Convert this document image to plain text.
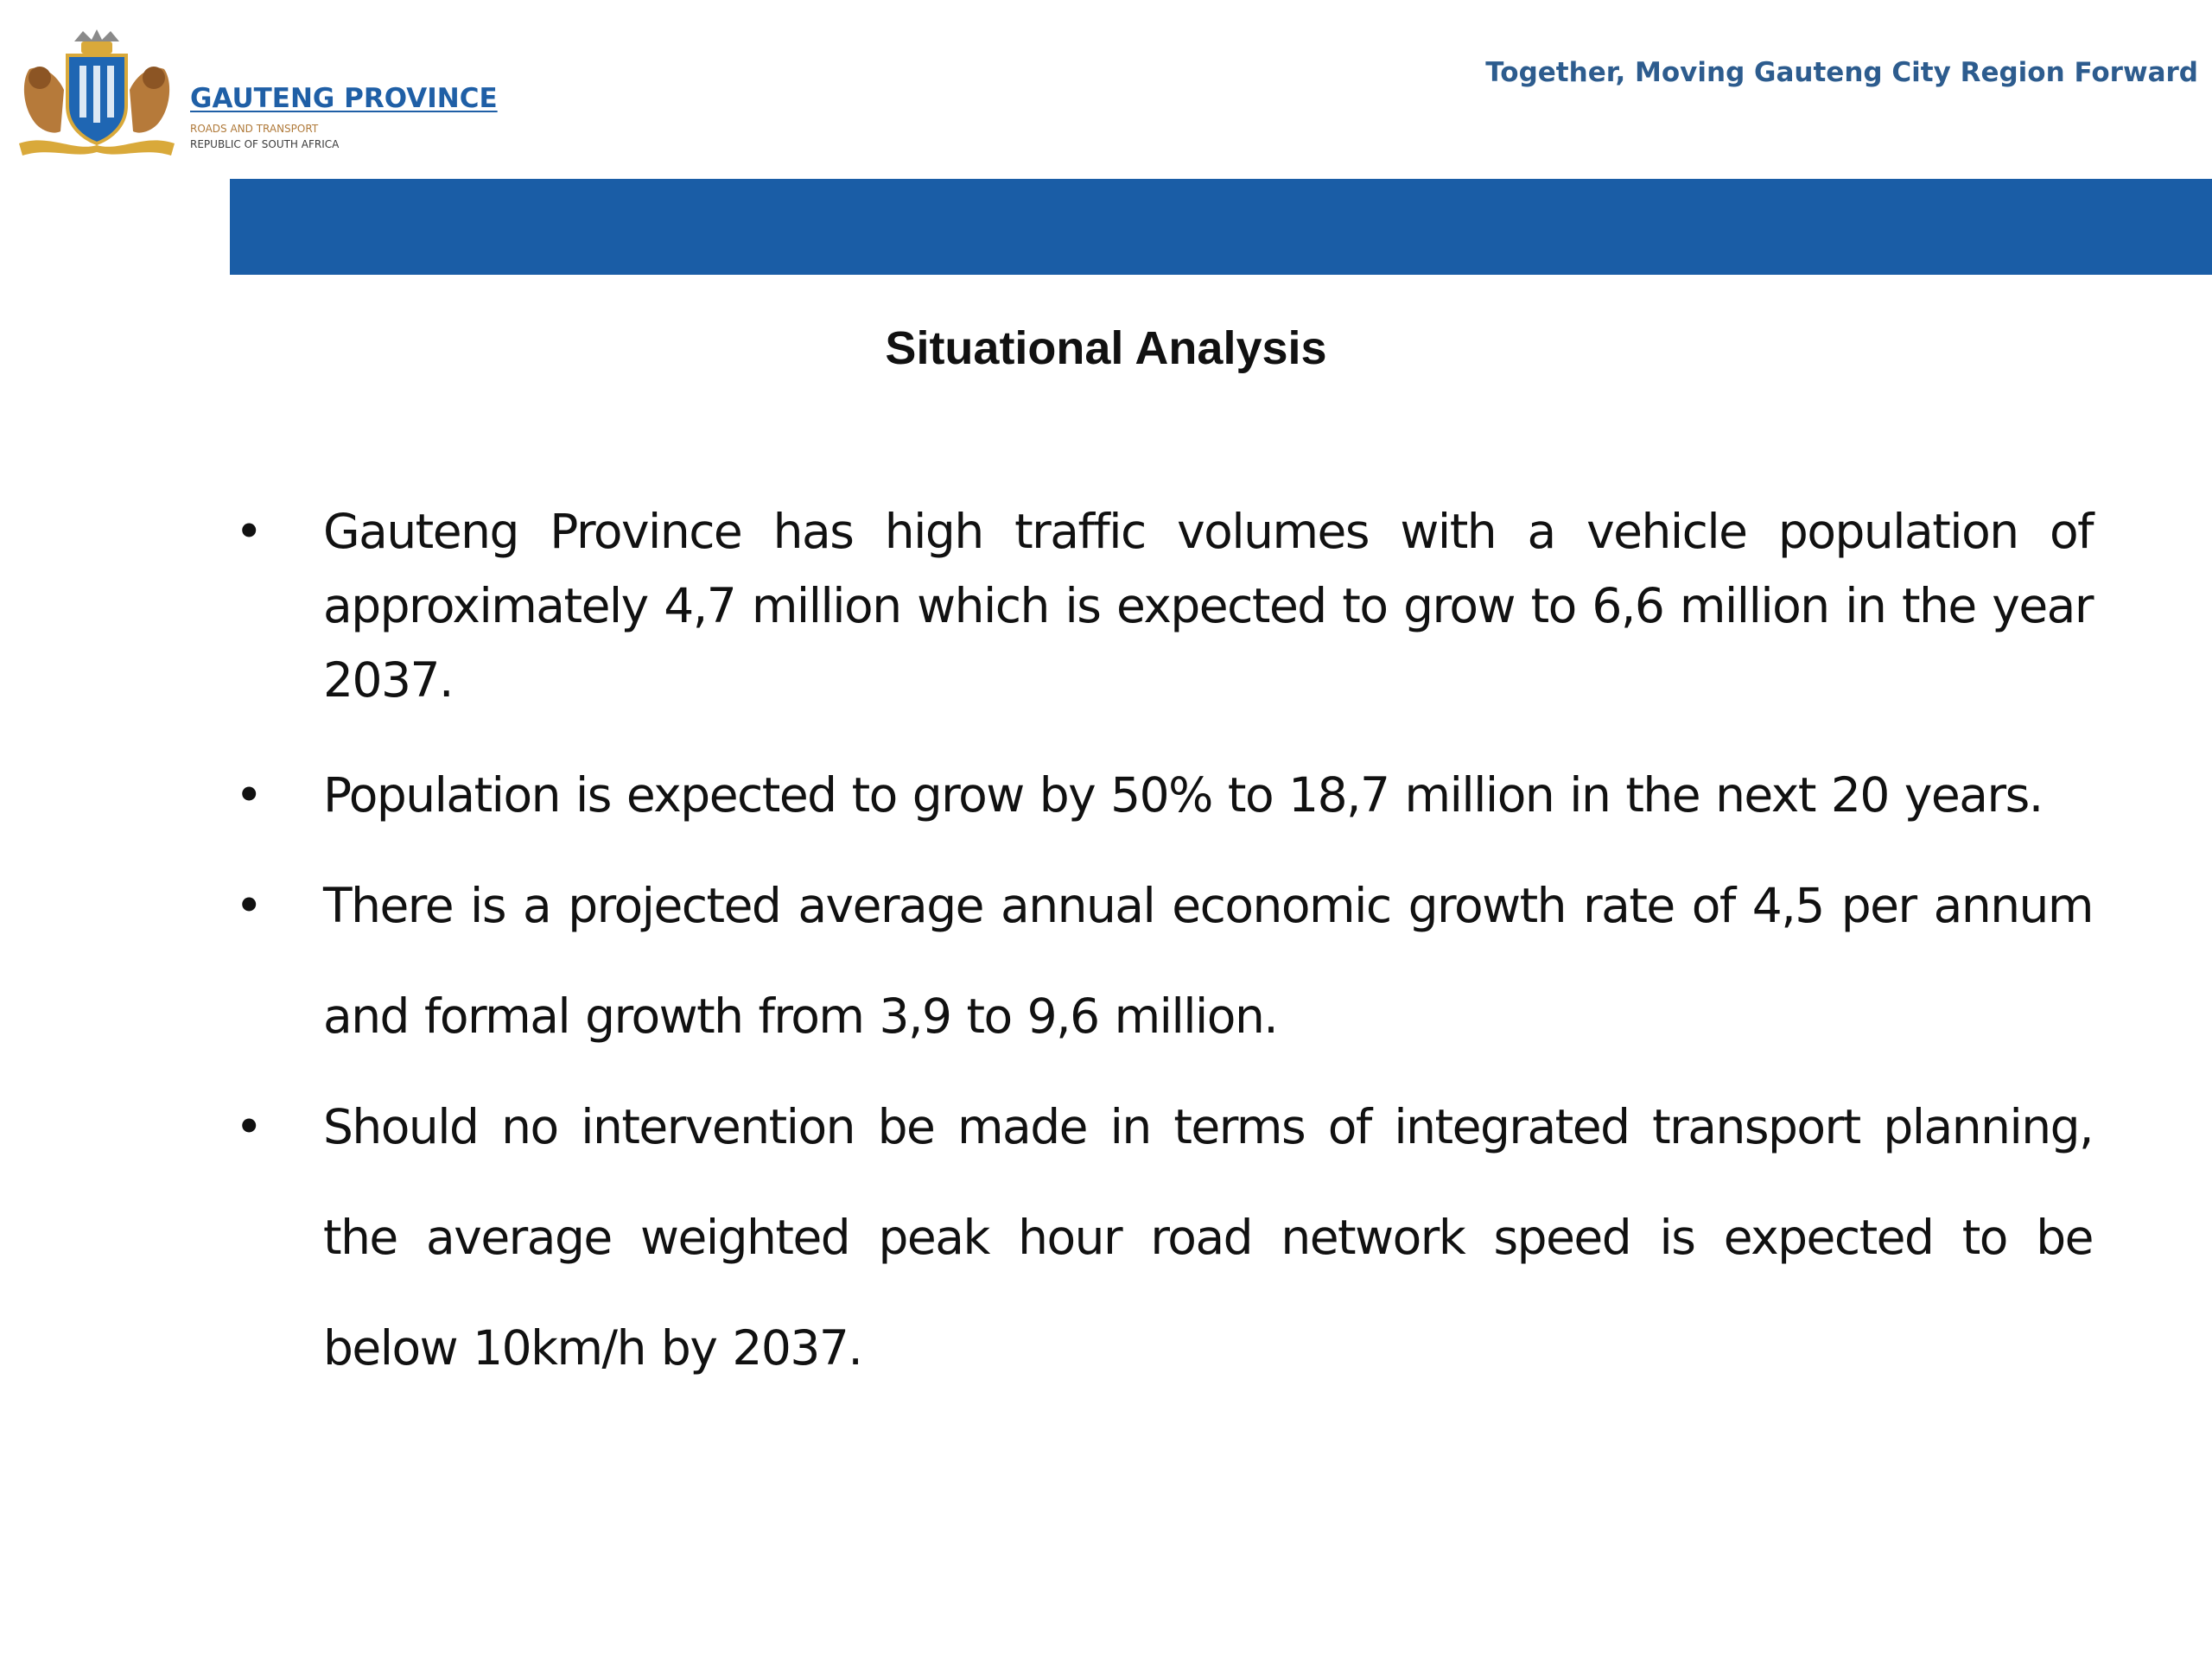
GAUTENG PROVINCE
ROADS AND TRANSPORT
REPUBLIC OF SOUTH AFRICA
Together, Moving Gauteng City Region Forward
Situational Analysis
• Gauteng Province has high traffic volumes with a vehicle population of approximately 4,7 million which is expected to grow to 6,6 million in the year 2037.
• Population is expected to grow by 50% to 18,7 million in the next 20 years.
• There is a projected average annual economic growth rate of 4,5 per annum and formal growth from 3,9 to 9,6 million.
• Should no intervention be made in terms of integrated transport planning, the average weighted peak hour road network speed is expected to be below 10km/h by 2037.
